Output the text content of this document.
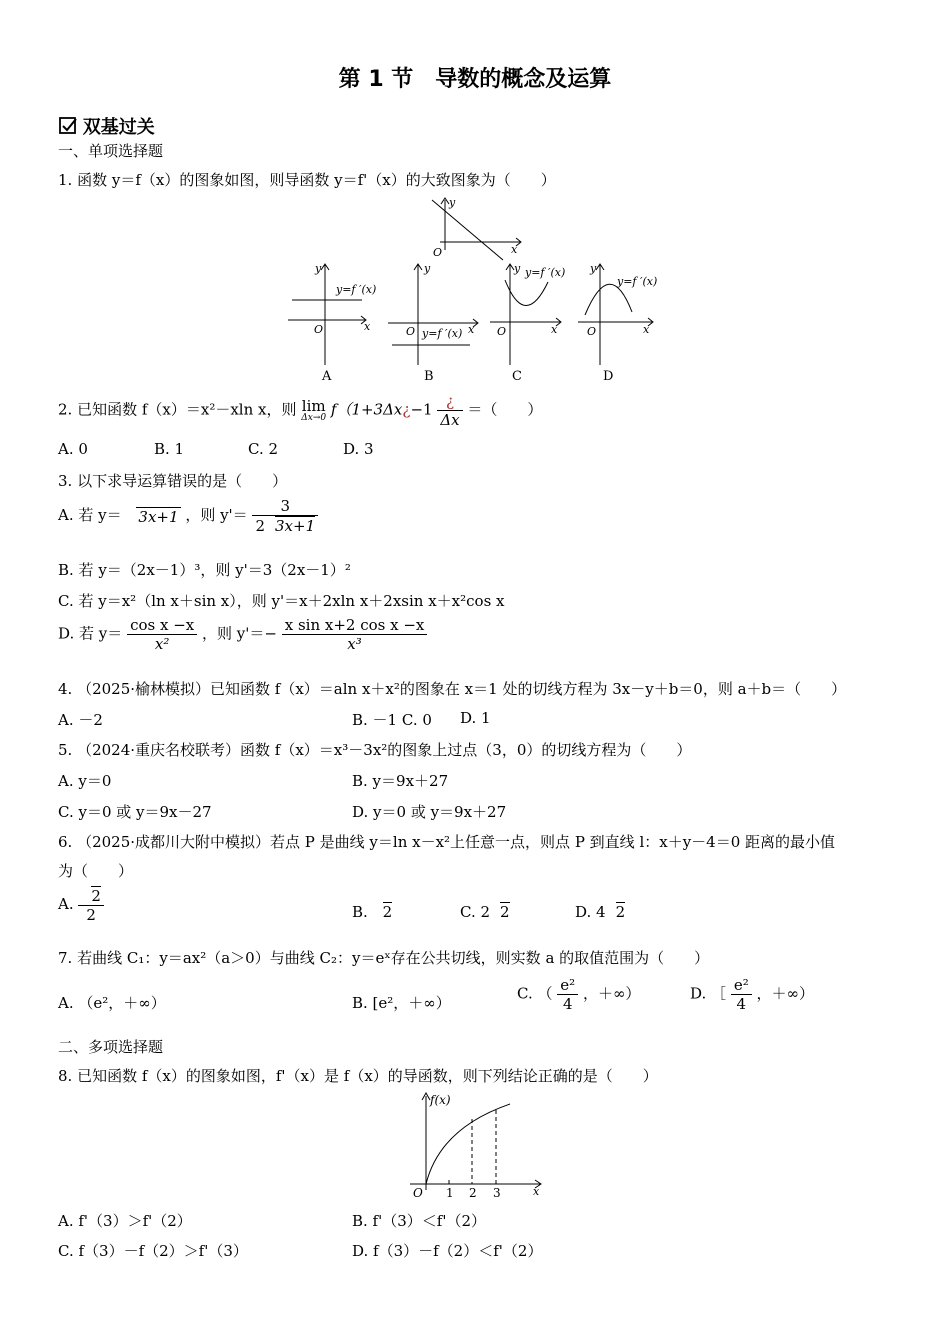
第 1 节　导数的概念及运算
双基过关
一、单项选择题
1. 函数 y＝f（x）的图象如图，则导函数 y＝f'（x）的大致图象为（　　）
y
x
O
y
x
O
y=f ′(x)
A
y
x
O y=f ′(x)
B
y
x
O
y=f ′(x)
C
y
x
O
y=f ′(x)
D
2. 已知函数 f（x）＝x²－xln x，则 lim
Δx→0 f（1+3Δx¿−1 $\frac{¿}{\Delta x}$ ＝（　　）
A. 0	B. 1	C. 2	D. 3
3. 以下求导运算错误的是（　　）
A. 若 y＝ 3x+1 ，则 $y'= \frac{3}{2 3x+1}$
B. 若 y＝（2x－1）³，则 y'＝3（2x－1）²
C. 若 y＝x²（ln x＋sin x），则 y'＝x＋2xln x＋2xsin x＋x²cos x
D. 若 $y= \frac{\text{cos x −x}}{\text{x²}}$ ，则 $y'=- \frac{\text{x sin x+2 cos x −x}}{\text{x³}}$
4. （2025·榆林模拟）已知函数 f（x）＝aln x＋x²的图象在 x＝1 处的切线方程为 3x－y＋b＝0，则 a＋b＝（　　）
A. －2	B. －1 C. 0 D. 1
5. （2024·重庆名校联考）函数 f（x）＝x³－3x²的图象上过点（3，0）的切线方程为（　　）
A. y＝0	B. y＝9x＋27
C. y＝0 或 y＝9x－27	D. y＝0 或 y＝9x＋27
6. （2025·成都川大附中模拟）若点 P 是曲线 y＝ln x－x²上任意一点，则点 P 到直线 l：x＋y－4＝0 距离的最小值
为（　　）
A. $\frac{2}{2}$	B. 2	C. 2 2	D. 4 2
7. 若曲线 C₁：y＝ax²（a＞0）与曲线 C₂：y＝eˣ存在公共切线，则实数 a 的取值范围为（　　）
A. （e²，＋∞）	B. [e²，＋∞）
C. （ $\frac{\text{e²}}{4}$ ，＋∞）	D. ［ $\frac{\text{e²}}{4}$ ，＋∞）
二、多项选择题
8. 已知函数 f（x）的图象如图，f'（x）是 f（x）的导函数，则下列结论正确的是（　　）
f(x)
x
O 1 2 3
A. f'（3）＞f'（2）	B. f'（3）＜f'（2）
C. f（3）－f（2）＞f'（3）	D. f（3）－f（2）＜f'（2）
